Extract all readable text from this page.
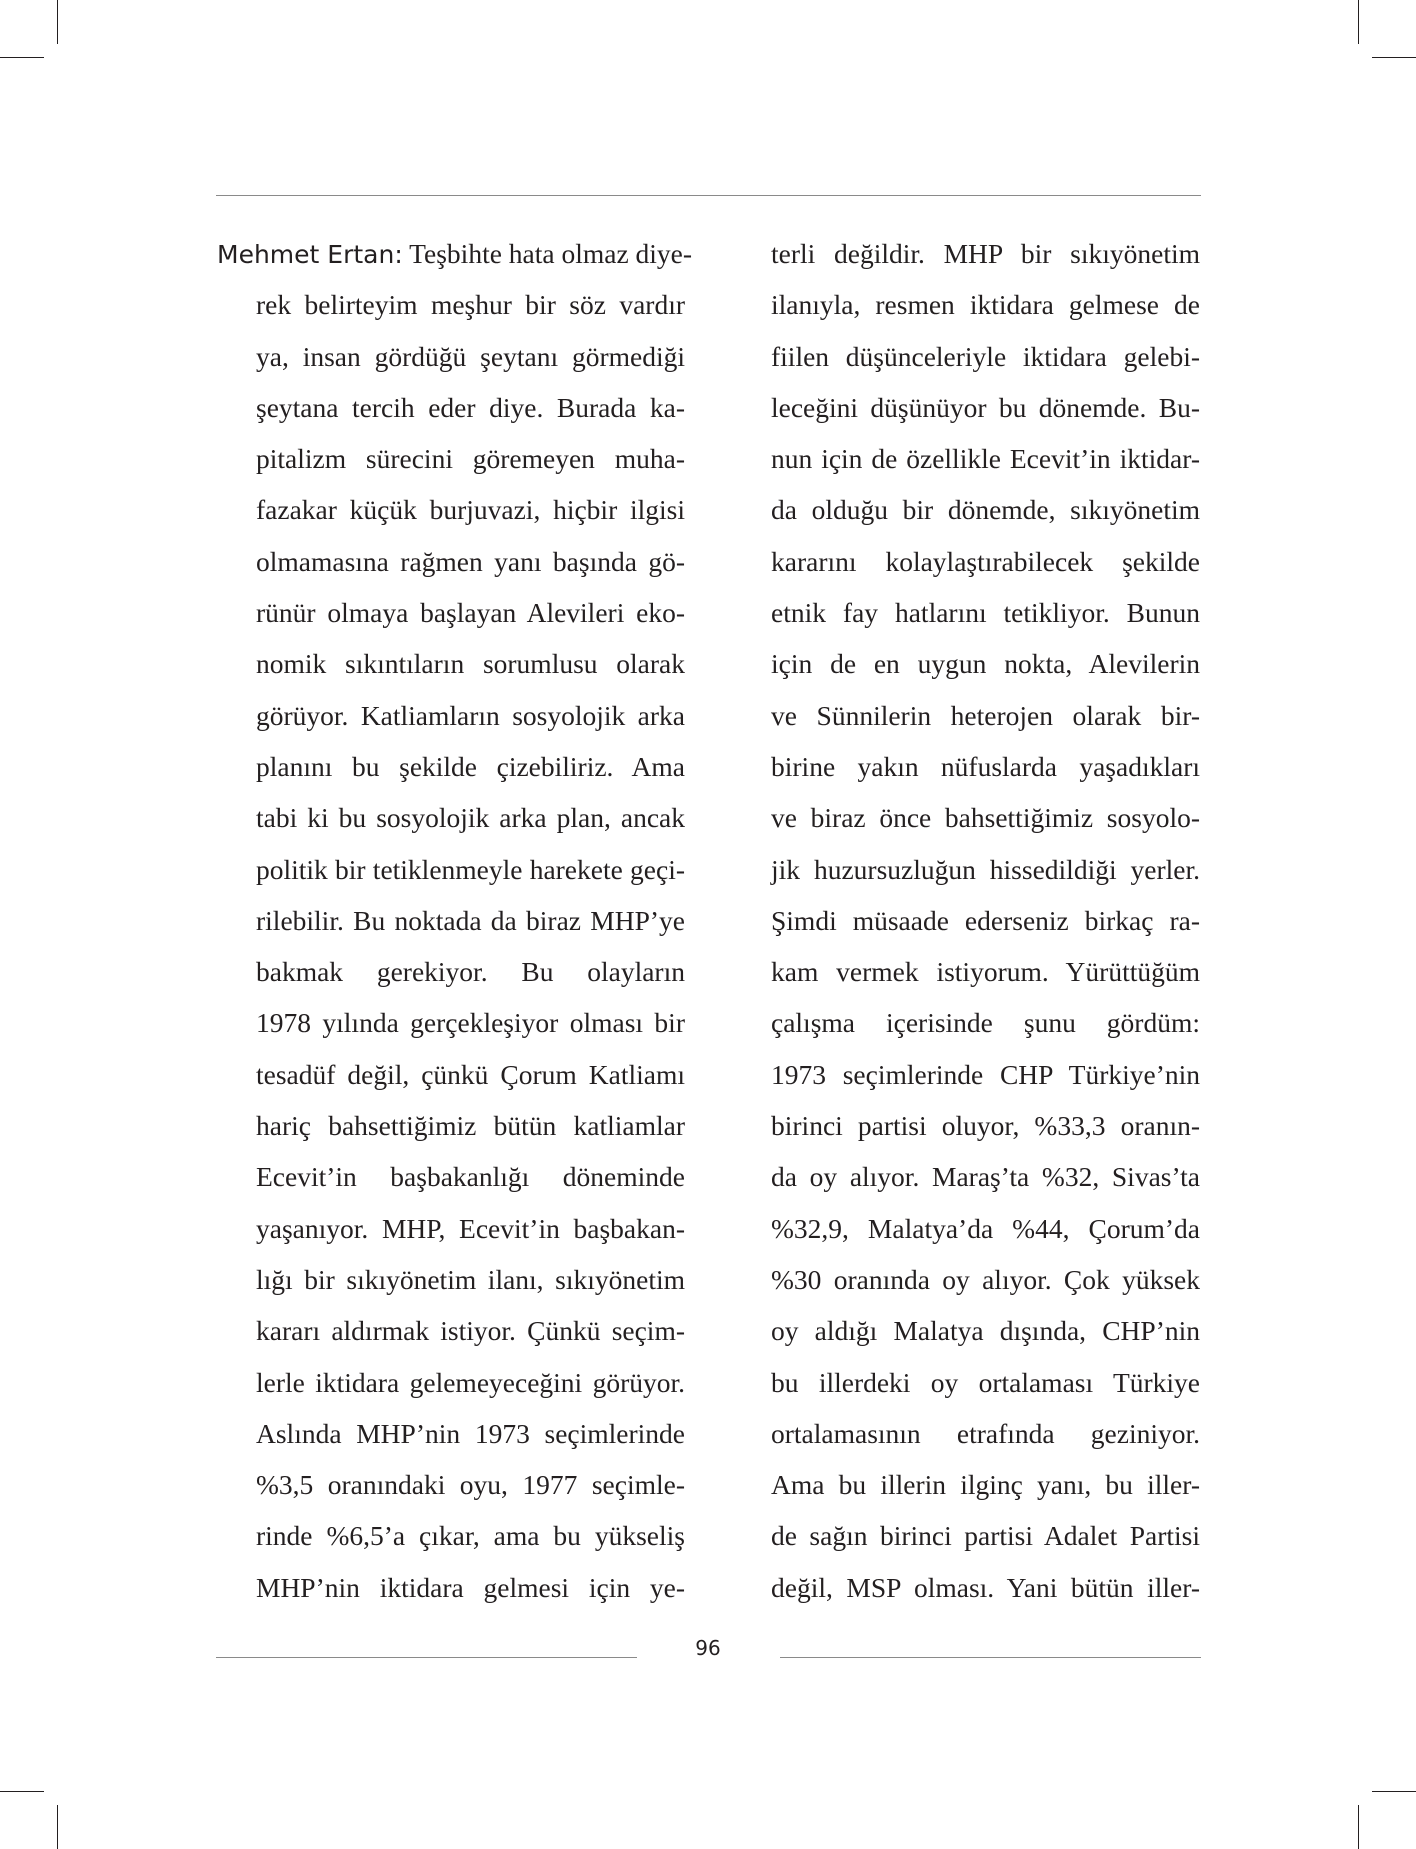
Mehmet Ertan: Teşbihte hata olmaz diye-
rek belirteyim meşhur bir söz vardır
ya, insan gördüğü şeytanı görmediği
şeytana tercih eder diye. Burada ka-
pitalizm sürecini göremeyen muha-
fazakar küçük burjuvazi, hiçbir ilgisi
olmamasına rağmen yanı başında gö-
rünür olmaya başlayan Alevileri eko-
nomik sıkıntıların sorumlusu olarak
görüyor. Katliamların sosyolojik arka
planını bu şekilde çizebiliriz. Ama
tabi ki bu sosyolojik arka plan, ancak
politik bir tetiklenmeyle harekete geçi-
rilebilir. Bu noktada da biraz MHP’ye
bakmak gerekiyor. Bu olayların
1978 yılında gerçekleşiyor olması bir
tesadüf değil, çünkü Çorum Katliamı
hariç bahsettiğimiz bütün katliamlar
Ecevit’in başbakanlığı döneminde
yaşanıyor. MHP, Ecevit’in başbakan-
lığı bir sıkıyönetim ilanı, sıkıyönetim
kararı aldırmak istiyor. Çünkü seçim-
lerle iktidara gelemeyeceğini görüyor.
Aslında MHP’nin 1973 seçimlerinde
%3,5 oranındaki oyu, 1977 seçimle-
rinde %6,5’a çıkar, ama bu yükseliş
MHP’nin iktidara gelmesi için ye-
terli değildir. MHP bir sıkıyönetim
ilanıyla, resmen iktidara gelmese de
fiilen düşünceleriyle iktidara gelebi-
leceğini düşünüyor bu dönemde. Bu-
nun için de özellikle Ecevit’in iktidar-
da olduğu bir dönemde, sıkıyönetim
kararını kolaylaştırabilecek şekilde
etnik fay hatlarını tetikliyor. Bunun
için de en uygun nokta, Alevilerin
ve Sünnilerin heterojen olarak bir-
birine yakın nüfuslarda yaşadıkları
ve biraz önce bahsettiğimiz sosyolo-
jik huzursuzluğun hissedildiği yerler.
Şimdi müsaade ederseniz birkaç ra-
kam vermek istiyorum. Yürüttüğüm
çalışma içerisinde şunu gördüm:
1973 seçimlerinde CHP Türkiye’nin
birinci partisi oluyor, %33,3 oranın-
da oy alıyor. Maraş’ta %32, Sivas’ta
%32,9, Malatya’da %44, Çorum’da
%30 oranında oy alıyor. Çok yüksek
oy aldığı Malatya dışında, CHP’nin
bu illerdeki oy ortalaması Türkiye
ortalamasının etrafında geziniyor.
Ama bu illerin ilginç yanı, bu iller-
de sağın birinci partisi Adalet Partisi
değil, MSP olması. Yani bütün iller-
96
